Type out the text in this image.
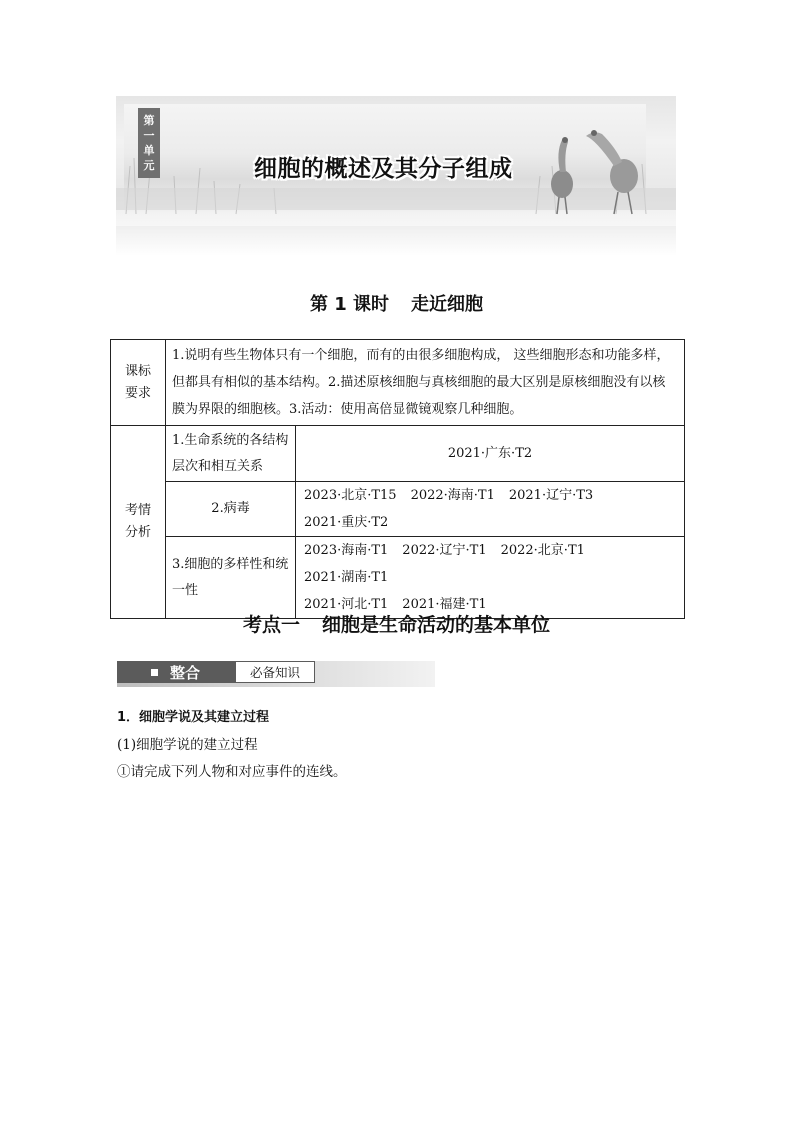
第
一
单
元	细胞的概述及其分子组成
第 1 课时 走近细胞
课标
要求	1.说明有些生物体只有一个细胞，而有的由很多细胞构成， 这些细胞形态和功能多样，但都具有相似的基本结构。2.描述原核细胞与真核细胞的最大区别是原核细胞没有以核膜为界限的细胞核。3.活动：使用高倍显微镜观察几种细胞。	
考情
分析	1.生命系统的各结构层次和相互关系	2021·广东·T2
	2.病毒	2023·北京·T15 2022·海南·T1 2021·辽宁·T32021·重庆·T2
	3.细胞的多样性和统一性	2023·海南·T1 2022·辽宁·T1 2022·北京·T12021·湖南·T1
2021·河北·T1 2021·福建·T1
考点一 细胞是生命活动的基本单位
整合	必备知识
1．细胞学说及其建立过程
(1)细胞学说的建立过程
①请完成下列人物和对应事件的连线。
